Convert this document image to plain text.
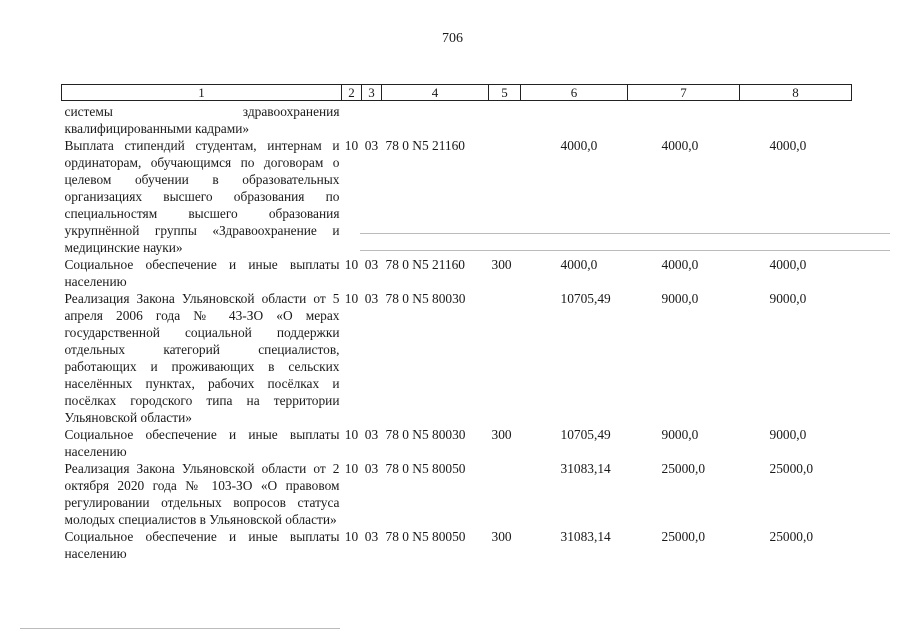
706
1	2	3	4	5	6	7	8
системы здравоохранения квалифицированными кадрами»							
Выплата стипендий студентам, интернам и ординаторам, обучающимся по договорам о целевом обучении в образовательных организациях высшего образования по специальностям высшего образования укрупнённой группы «Здравоохранение и медицинские науки»	10	03	78 0 N5 21160		4000,0	4000,0	4000,0
Социальное обеспечение и иные выплаты населению	10	03	78 0 N5 21160	300	4000,0	4000,0	4000,0
Реализация Закона Ульяновской области от 5 апреля 2006 года № 43-ЗО «О мерах государственной социальной поддержки отдельных категорий специалистов, работающих и проживающих в сельских населённых пунктах, рабочих посёлках и посёлках городского типа на территории Ульяновской области»	10	03	78 0 N5 80030		10705,49	9000,0	9000,0
Социальное обеспечение и иные выплаты населению	10	03	78 0 N5 80030	300	10705,49	9000,0	9000,0
Реализация Закона Ульяновской области от 2 октября 2020 года № 103-ЗО «О правовом регулировании отдельных вопросов статуса молодых специалистов в Ульяновской области»	10	03	78 0 N5 80050		31083,14	25000,0	25000,0
Социальное обеспечение и иные выплаты населению	10	03	78 0 N5 80050	300	31083,14	25000,0	25000,0
